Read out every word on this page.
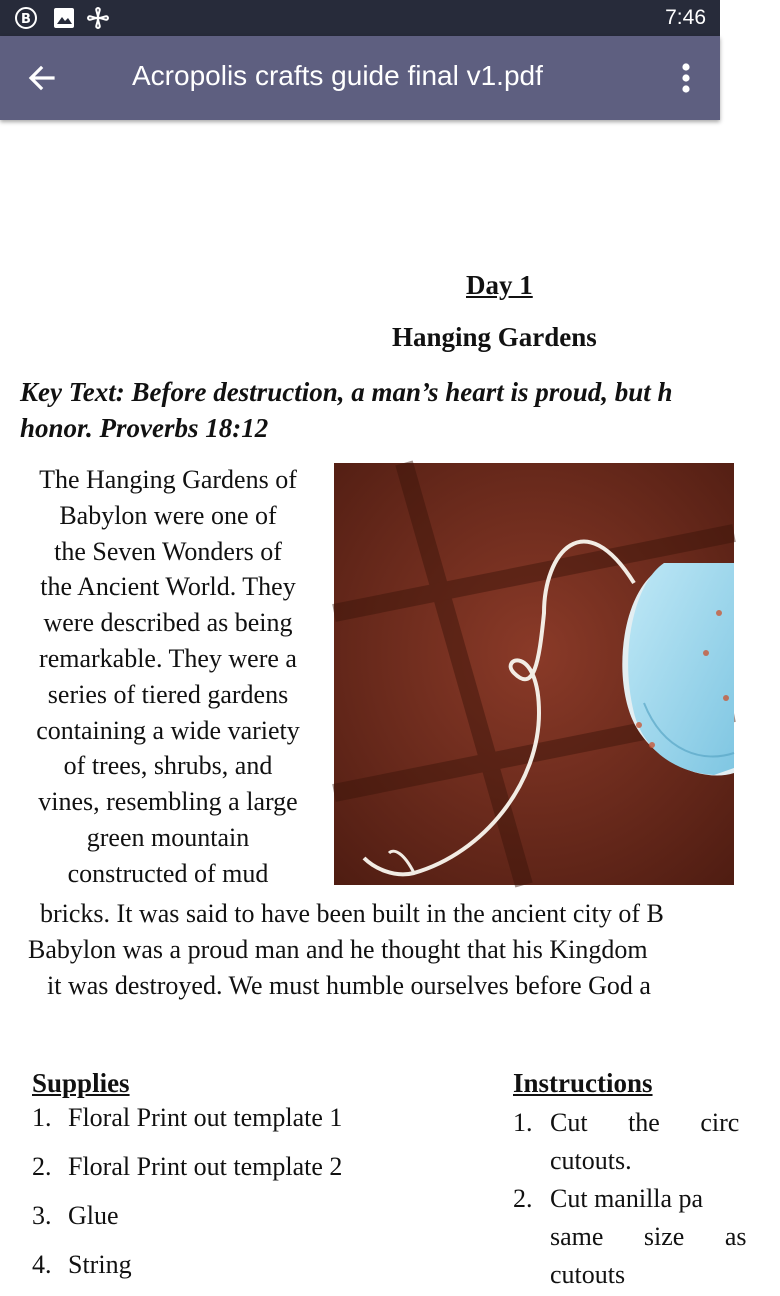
B	7:46
Acropolis crafts guide final v1.pdf
Day 1
Hanging Gardens
Key Text: Before destruction, a man’s heart is proud, but h
honor. Proverbs 18:12
The Hanging Gardens of
Babylon were one of
the Seven Wonders of
the Ancient World. They
were described as being
remarkable. They were a
series of tiered gardens
containing a wide variety
of trees, shrubs, and
vines, resembling a large
green mountain
constructed of mud
bricks. It was said to have been built in the ancient city of B
Babylon was a proud man and he thought that his Kingdom
it was destroyed. We must humble ourselves before God a
Supplies
1. Floral Print out template 1
2. Floral Print out template 2
3. Glue
4. String
Instructions
1. Cut the circ
cutouts.
2. Cut manilla pa
same size as
cutouts
